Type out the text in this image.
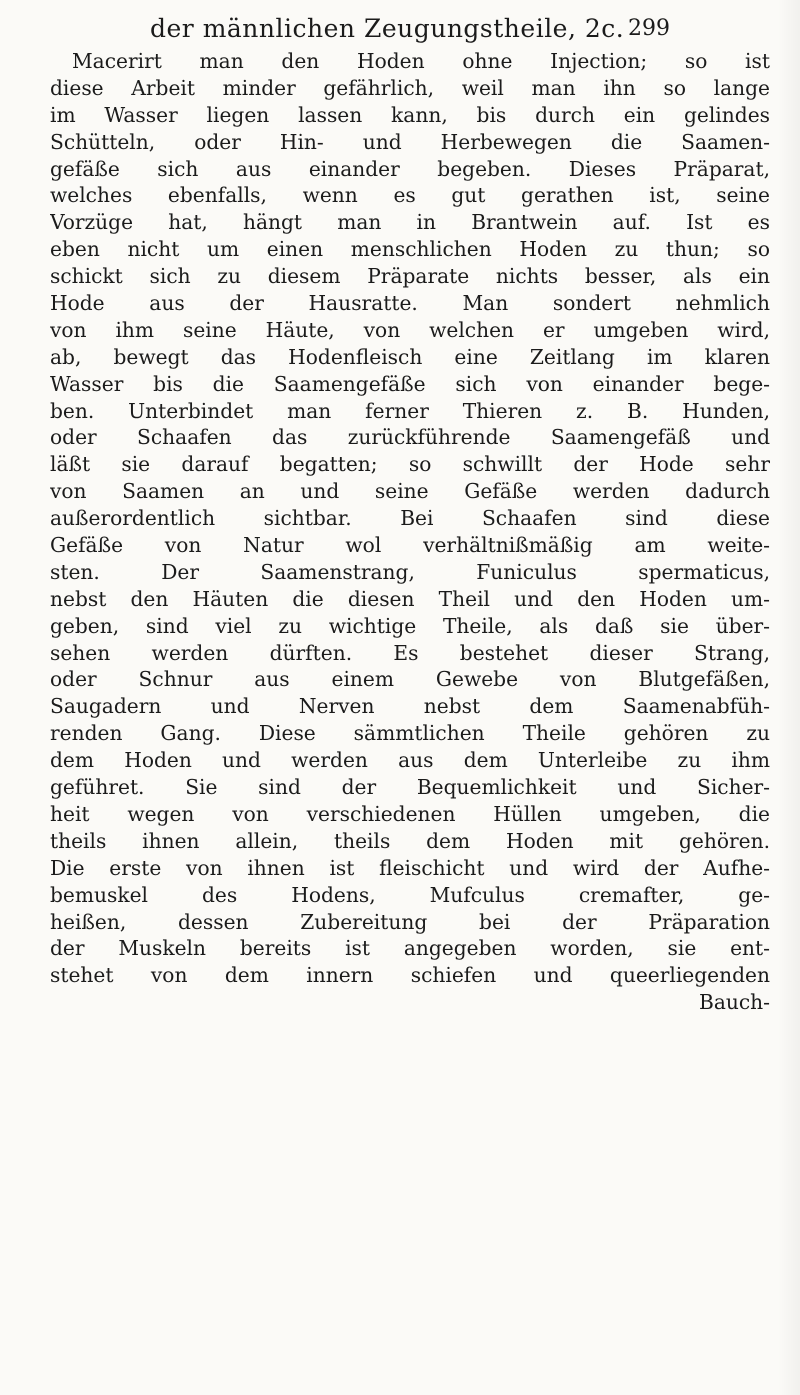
der männlichen Zeugungstheile, 2c. 299
Macerirt man den Hoden ohne Injection; so ist
diese Arbeit minder gefährlich, weil man ihn so lange
im Wasser liegen lassen kann, bis durch ein gelindes
Schütteln, oder Hin- und Herbewegen die Saamen-
gefäße sich aus einander begeben. Dieses Präparat,
welches ebenfalls, wenn es gut gerathen ist, seine
Vorzüge hat, hängt man in Brantwein auf. Ist es
eben nicht um einen menschlichen Hoden zu thun; so
schickt sich zu diesem Präparate nichts besser, als ein
Hode aus der Hausratte. Man sondert nehmlich
von ihm seine Häute, von welchen er umgeben wird,
ab, bewegt das Hodenfleisch eine Zeitlang im klaren
Wasser bis die Saamengefäße sich von einander bege-
ben. Unterbindet man ferner Thieren z. B. Hunden,
oder Schaafen das zurückführende Saamengefäß und
läßt sie darauf begatten; so schwillt der Hode sehr
von Saamen an und seine Gefäße werden dadurch
außerordentlich sichtbar. Bei Schaafen sind diese
Gefäße von Natur wol verhältnißmäßig am weite-
sten. Der Saamenstrang, Funiculus spermaticus,
nebst den Häuten die diesen Theil und den Hoden um-
geben, sind viel zu wichtige Theile, als daß sie über-
sehen werden dürften. Es bestehet dieser Strang,
oder Schnur aus einem Gewebe von Blutgefäßen,
Saugadern und Nerven nebst dem Saamenabfüh-
renden Gang. Diese sämmtlichen Theile gehören zu
dem Hoden und werden aus dem Unterleibe zu ihm
geführet. Sie sind der Bequemlichkeit und Sicher-
heit wegen von verschiedenen Hüllen umgeben, die
theils ihnen allein, theils dem Hoden mit gehören.
Die erste von ihnen ist fleischicht und wird der Aufhe-
bemuskel des Hodens, Mufculus cremafter, ge-
heißen, dessen Zubereitung bei der Präparation
der Muskeln bereits ist angegeben worden, sie ent-
stehet von dem innern schiefen und queerliegenden
Bauch-
